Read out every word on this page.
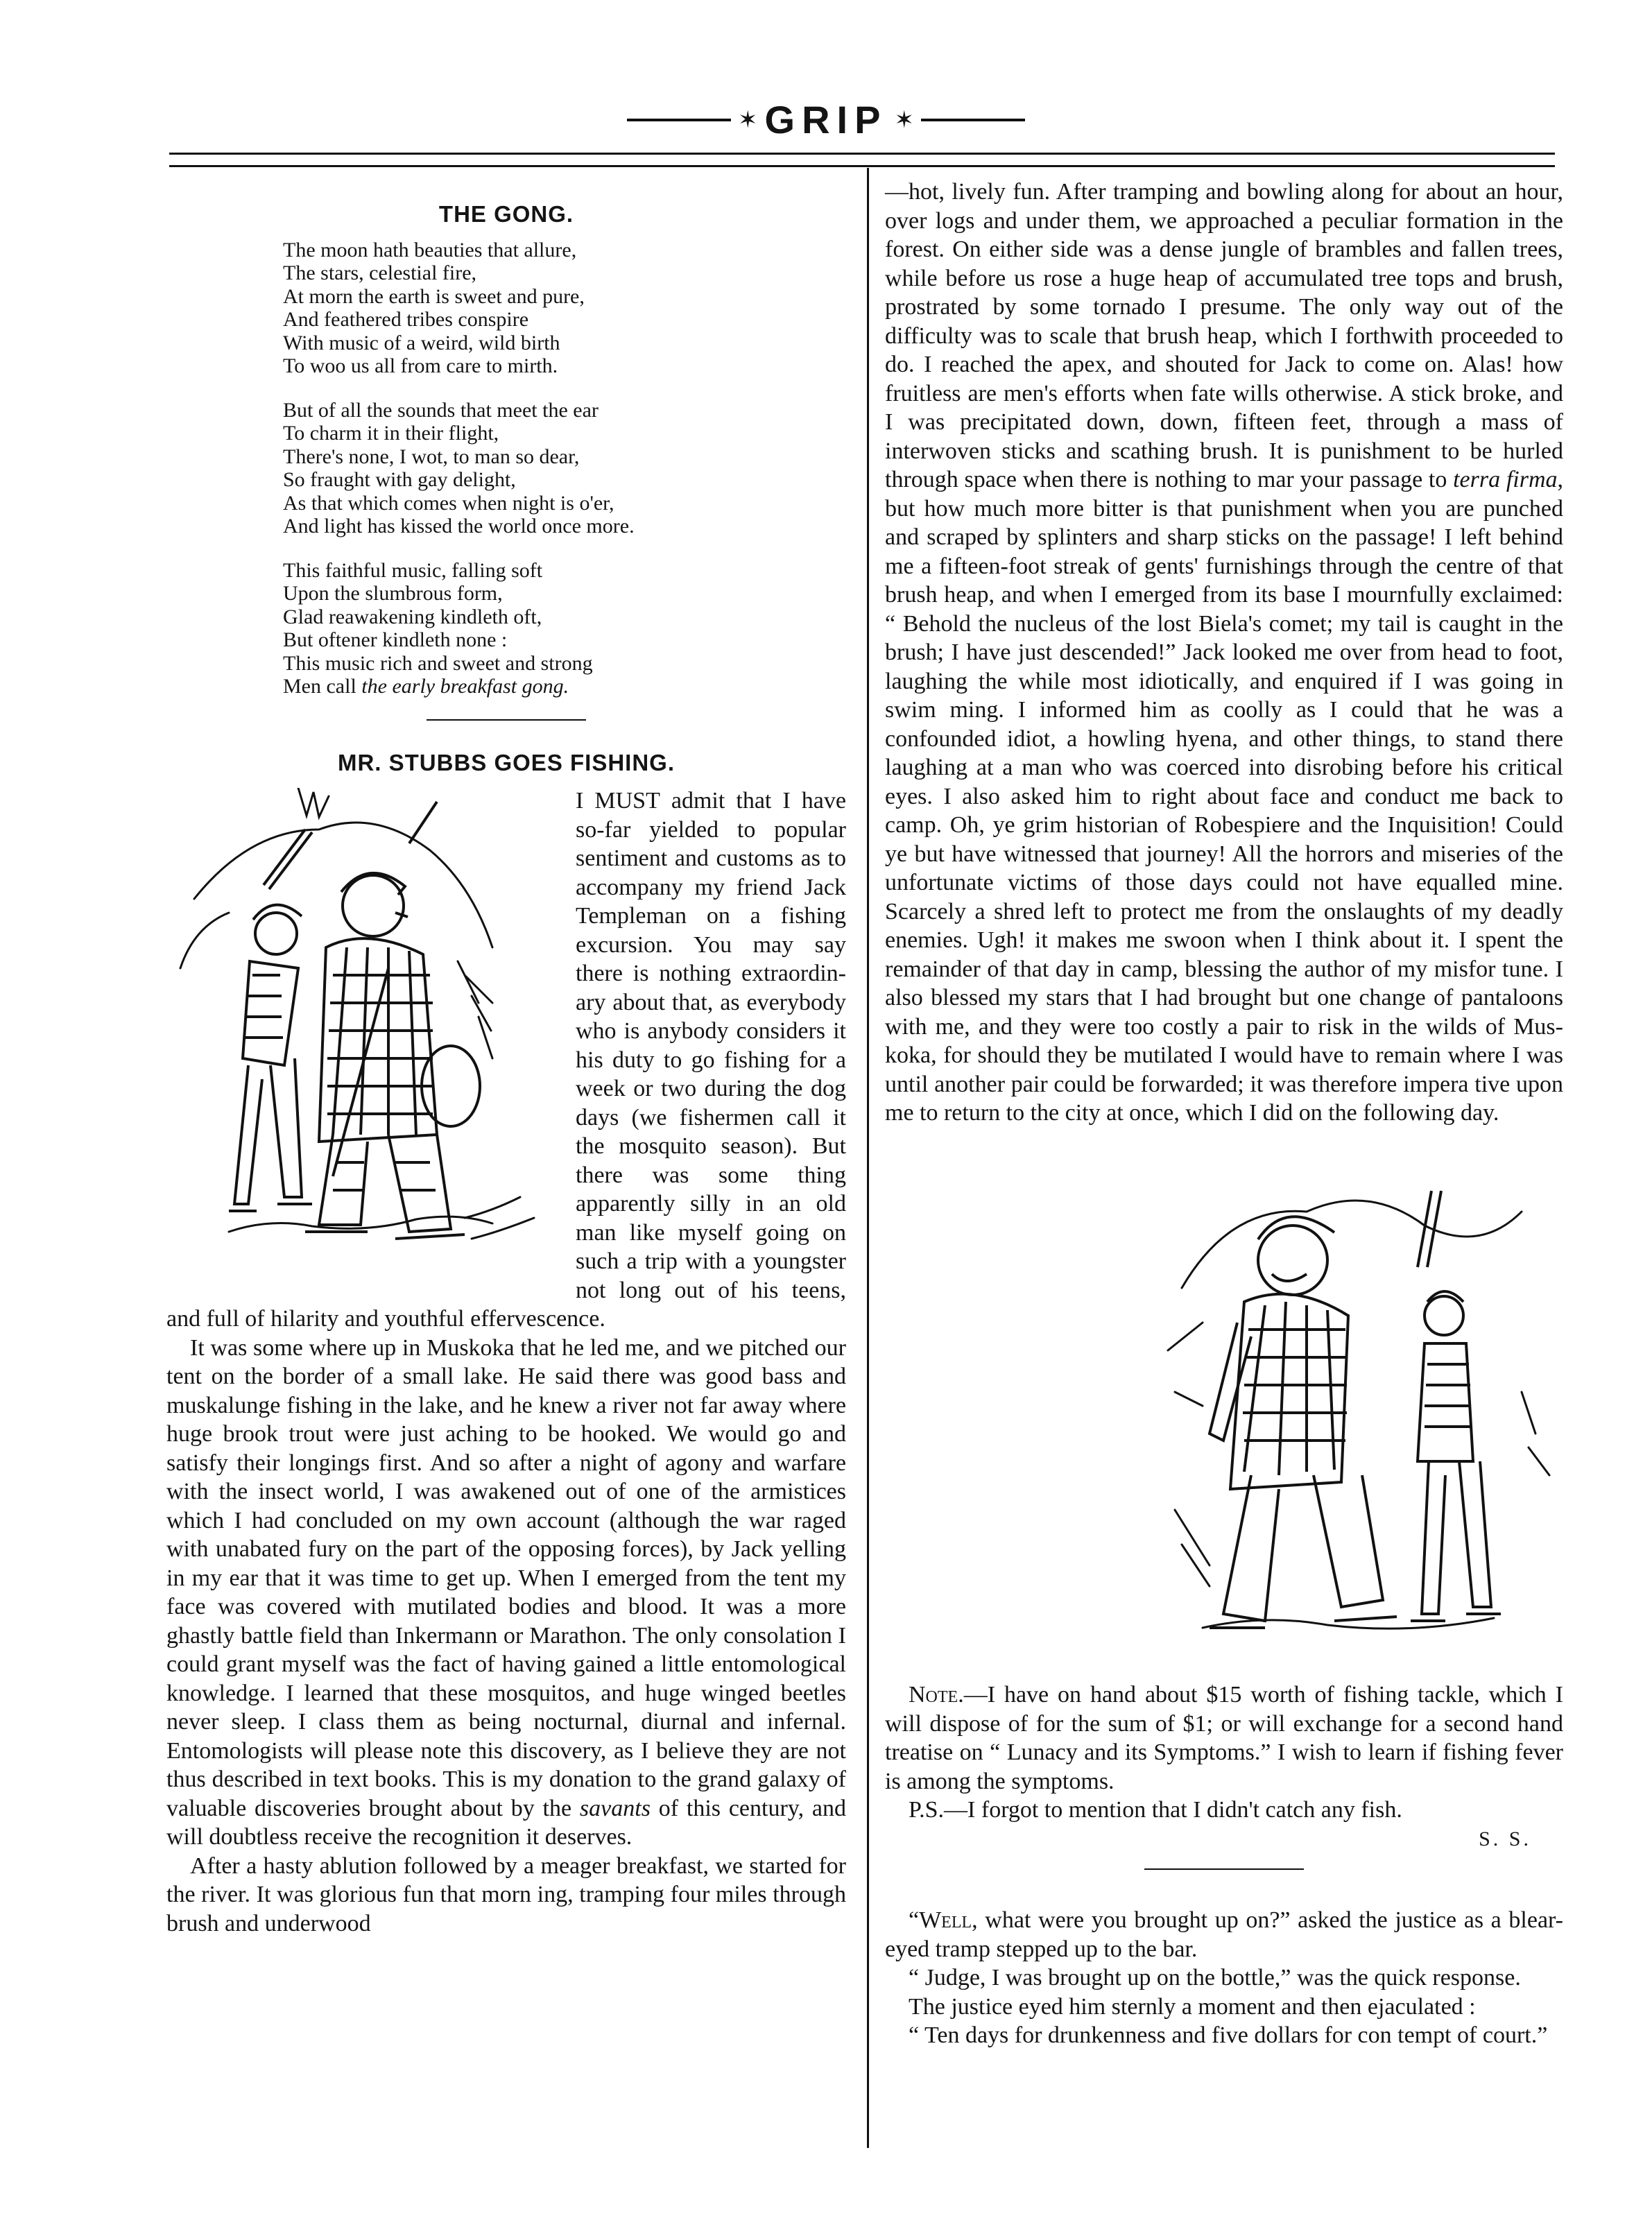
✶ GRIP ✶
THE GONG.
The moon hath beauties that allure,
The stars, celestial fire,
At morn the earth is sweet and pure,
And feathered tribes conspire
With music of a weird, wild birth
To woo us all from care to mirth.
But of all the sounds that meet the ear
To charm it in their flight,
There's none, I wot, to man so dear,
So fraught with gay delight,
As that which comes when night is o'er,
And light has kissed the world once more.
This faithful music, falling soft
Upon the slumbrous form,
Glad reawakening kindleth oft,
But oftener kindleth none :
This music rich and sweet and strong
Men call the early breakfast gong.
MR. STUBBS GOES FISHING.

I MUST admit that I have so-far yielded to popular sentiment and customs as to accompany my friend Jack Templeman on a fishing excursion. You may say there is nothing extraordin ary about that, as everybody who is anybody considers it his duty to go fishing for a week or two during the dog days (we fishermen call it the mosquito season). But there was some thing apparently silly in an old man like myself going on such a trip with a youngster not long out of his teens, and full of hilarity and youthful effervescence.

It was some where up in Muskoka that he led me, and we pitched our tent on the border of a small lake. He said there was good bass and muskalunge fishing in the lake, and he knew a river not far away where huge brook trout were just aching to be hooked. We would go and satisfy their longings first. And so after a night of agony and warfare with the insect world, I was awakened out of one of the armistices which I had concluded on my own account (although the war raged with unabated fury on the part of the opposing forces), by Jack yelling in my ear that it was time to get up. When I emerged from the tent my face was covered with mutilated bodies and blood. It was a more ghastly battle field than Inkermann or Marathon. The only consolation I could grant myself was the fact of having gained a little entomological knowledge. I learned that these mosquitos, and huge winged beetles never sleep. I class them as being nocturnal, diurnal and infernal. Entomologists will please note this discovery, as I believe they are not thus described in text books. This is my donation to the grand galaxy of valuable discoveries brought about by the savants of this century, and will doubtless receive the recognition it deserves.

After a hasty ablution followed by a meager breakfast, we started for the river. It was glorious fun that morn ing, tramping four miles through brush and underwood

—hot, lively fun. After tramping and bowling along for about an hour, over logs and under them, we approached a peculiar formation in the forest. On either side was a dense jungle of brambles and fallen trees, while before us rose a huge heap of accumulated tree tops and brush, prostrated by some tornado I presume. The only way out of the difficulty was to scale that brush heap, which I forthwith proceeded to do. I reached the apex, and shouted for Jack to come on. Alas! how fruitless are men's efforts when fate wills otherwise. A stick broke, and I was precipitated down, down, fifteen feet, through a mass of interwoven sticks and scathing brush. It is punishment to be hurled through space when there is nothing to mar your passage to terra firma, but how much more bitter is that punishment when you are punched and scraped by splinters and sharp sticks on the passage! I left behind me a fifteen-foot streak of gents' furnishings through the centre of that brush heap, and when I emerged from its base I mournfully exclaimed: “ Behold the nucleus of the lost Biela's comet; my tail is caught in the brush; I have just descended!” Jack looked me over from head to foot, laughing the while most idiotically, and enquired if I was going in swim ming. I informed him as coolly as I could that he was a confounded idiot, a howling hyena, and other things, to stand there laughing at a man who was coerced into disrobing before his critical eyes. I also asked him to right about face and conduct me back to camp. Oh, ye grim historian of Robespiere and the Inquisition! Could ye but have witnessed that journey! All the horrors and miseries of the unfortunate victims of those days could not have equalled mine. Scarcely a shred left to protect me from the onslaughts of my deadly enemies. Ugh! it makes me swoon when I think about it. I spent the remainder of that day in camp, blessing the author of my misfor tune. I also blessed my stars that I had brought but one change of pantaloons with me, and they were too costly a pair to risk in the wilds of Mus koka, for should they be mutilated I would have to remain where I was until another pair could be forwarded; it was therefore impera tive upon me to return to the city at once, which I did on the following day.

Note.—I have on hand about $15 worth of fishing tackle, which I will dispose of for the sum of $1; or will exchange for a second hand treatise on “ Lunacy and its Symptoms.” I wish to learn if fishing fever is among the symptoms.

P.S.—I forgot to mention that I didn't catch any fish.

S. S.

“Well, what were you brought up on?” asked the justice as a blear-eyed tramp stepped up to the bar.

“ Judge, I was brought up on the bottle,” was the quick response.

The justice eyed him sternly a moment and then ejaculated :

“ Ten days for drunkenness and five dollars for con tempt of court.”
